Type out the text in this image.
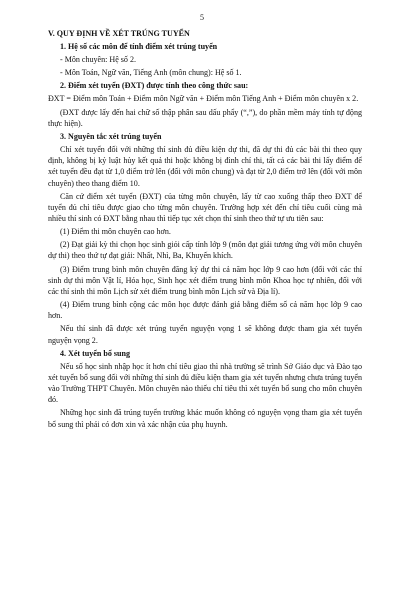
5

V. QUY ĐỊNH VỀ XÉT TRÚNG TUYỂN

1. Hệ số các môn để tính điểm xét trúng tuyển

- Môn chuyên: Hệ số 2.

- Môn Toán, Ngữ văn, Tiếng Anh (môn chung): Hệ số 1.

2. Điểm xét tuyển (ĐXT) được tính theo công thức sau:

ĐXT = Điểm môn Toán + Điểm môn Ngữ văn + Điểm môn Tiếng Anh + Điểm môn chuyên x 2.

(ĐXT được lấy đến hai chữ số thập phân sau dấu phẩy (“,”), do phần mềm máy tính tự động thực hiện).

3. Nguyên tắc xét trúng tuyển

Chỉ xét tuyển đối với những thí sinh đủ điều kiện dự thi, đã dự thi đủ các bài thi theo quy định, không bị kỷ luật hủy kết quả thi hoặc không bị đình chỉ thi, tất cả các bài thi lấy điểm để xét tuyển đều đạt từ 1,0 điểm trở lên (đối với môn chung) và đạt từ 2,0 điểm trở lên (đối với môn chuyên) theo thang điểm 10.

Căn cứ điểm xét tuyển (ĐXT) của từng môn chuyên, lấy từ cao xuống thấp theo ĐXT để tuyển đủ chỉ tiêu được giao cho từng môn chuyên. Trường hợp xét đến chỉ tiêu cuối cùng mà nhiều thí sinh có ĐXT bằng nhau thì tiếp tục xét chọn thí sinh theo thứ tự ưu tiên sau:

(1) Điểm thi môn chuyên cao hơn.

(2) Đạt giải kỳ thi chọn học sinh giỏi cấp tỉnh lớp 9 (môn đạt giải tương ứng với môn chuyên dự thi) theo thứ tự đạt giải: Nhất, Nhì, Ba, Khuyến khích.

(3) Điểm trung bình môn chuyên đăng ký dự thi cả năm học lớp 9 cao hơn (đối với các thí sinh dự thi môn Vật lí, Hóa học, Sinh học xét điểm trung bình môn Khoa học tự nhiên, đối với các thí sinh thi môn Lịch sử xét điểm trung bình môn Lịch sử và Địa lí).

(4) Điểm trung bình cộng các môn học được đánh giá bằng điểm số cả năm học lớp 9 cao hơn.

Nếu thí sinh đã được xét trúng tuyển nguyện vọng 1 sẽ không được tham gia xét tuyển nguyện vọng 2.

4. Xét tuyển bổ sung

Nếu số học sinh nhập học ít hơn chỉ tiêu giao thì nhà trường sẽ trình Sở Giáo dục và Đào tạo xét tuyển bổ sung đối với những thí sinh đủ điều kiện tham gia xét tuyển nhưng chưa trúng tuyển vào Trường THPT Chuyên. Môn chuyên nào thiếu chỉ tiêu thì xét tuyển bổ sung cho môn chuyên đó.

Những học sinh đã trúng tuyển trường khác muốn không có nguyện vọng tham gia xét tuyển bổ sung thì phải có đơn xin và xác nhận của phụ huynh.
